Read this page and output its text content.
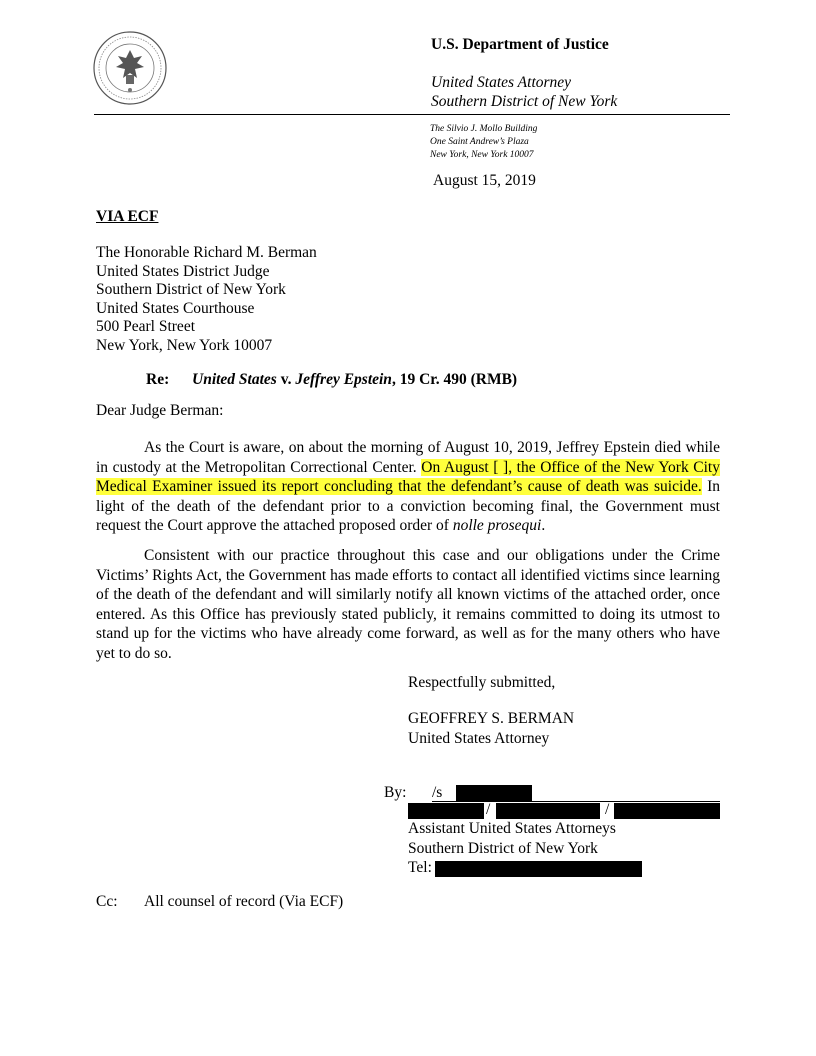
U.S. Department of Justice
United States Attorney
Southern District of New York
The Silvio J. Mollo Building
One Saint Andrew’s Plaza
New York, New York 10007
August 15, 2019
VIA ECF
The Honorable Richard M. Berman
United States District Judge
Southern District of New York
United States Courthouse
500 Pearl Street
New York, New York 10007
Re: United States v. Jeffrey Epstein, 19 Cr. 490 (RMB)
Dear Judge Berman:

As the Court is aware, on about the morning of August 10, 2019, Jeffrey Epstein died while in custody at the Metropolitan Correctional Center. On August [ ], the Office of the New York City Medical Examiner issued its report concluding that the defendant’s cause of death was suicide. In light of the death of the defendant prior to a conviction becoming final, the Government must request the Court approve the attached proposed order of nolle prosequi.

Consistent with our practice throughout this case and our obligations under the Crime Victims’ Rights Act, the Government has made efforts to contact all identified victims since learning of the death of the defendant and will similarly notify all known victims of the attached order, once entered. As this Office has previously stated publicly, it remains committed to doing its utmost to stand up for the victims who have already come forward, as well as for the many others who have yet to do so.

Respectfully submitted,
GEOFFREY S. BERMAN
United States Attorney
By: /s
/	/
Assistant United States Attorneys
Southern District of New York
Tel:
Cc: All counsel of record (Via ECF)
